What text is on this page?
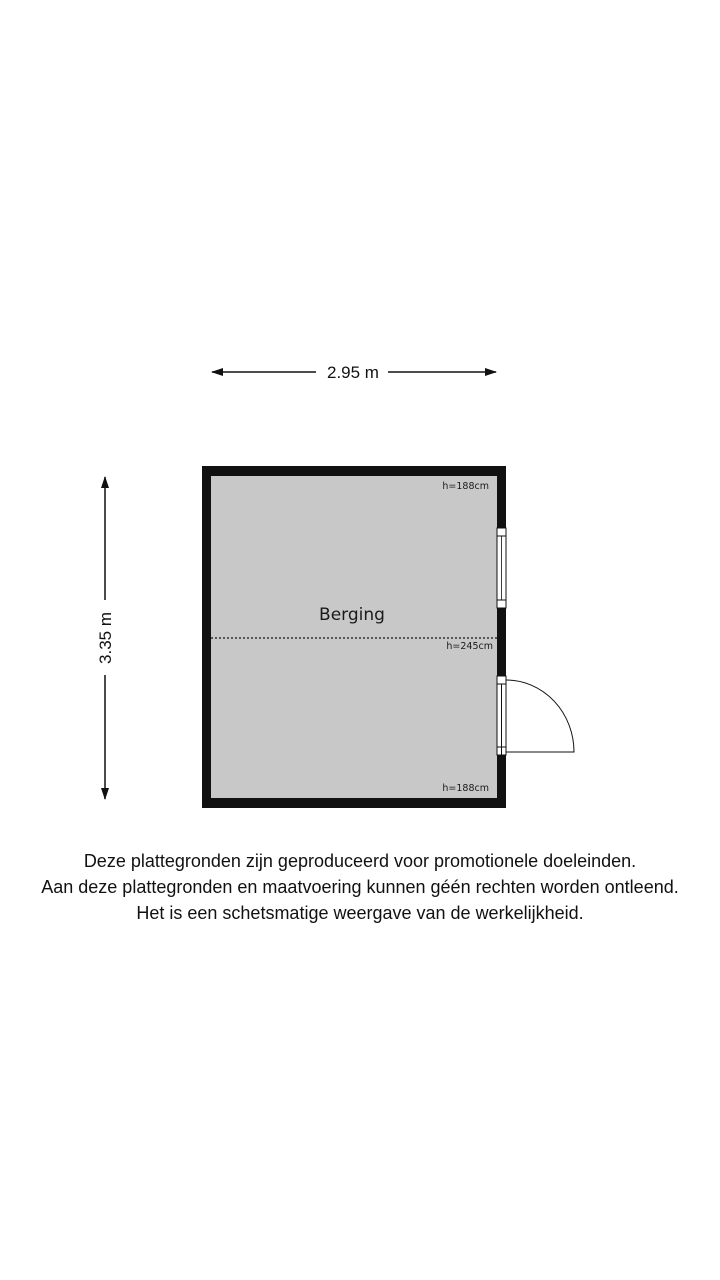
2.95 m
3.35 m	Berging
h=188cm
h=245cm
h=188cm
Deze plattegronden zijn geproduceerd voor promotionele doeleinden.
Aan deze plattegronden en maatvoering kunnen géén rechten worden ontleend.
Het is een schetsmatige weergave van de werkelijkheid.
